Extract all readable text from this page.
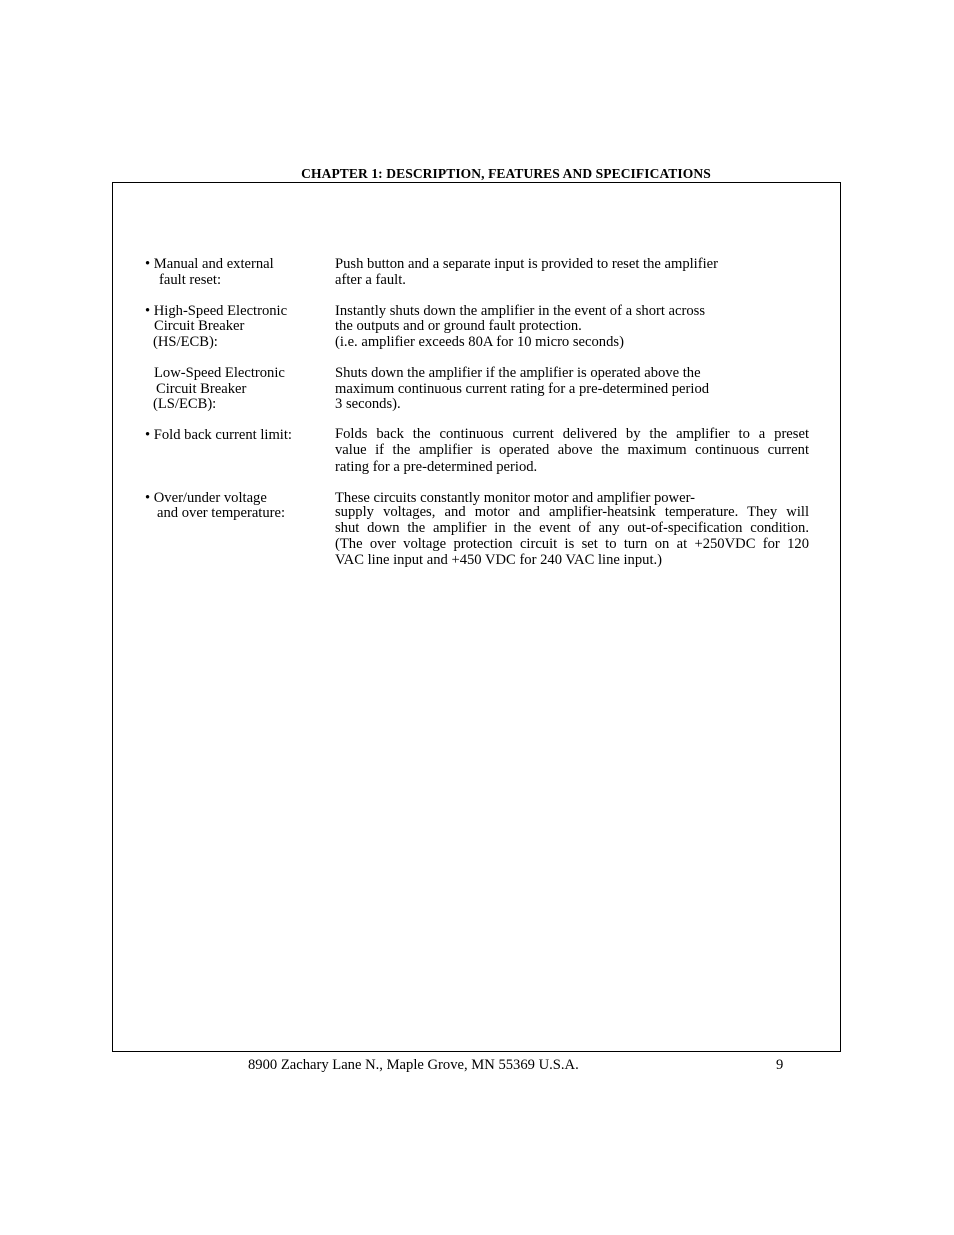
CHAPTER 1: DESCRIPTION, FEATURES AND SPECIFICATIONS
• Manual and external
fault reset:
Push button and a separate input is provided to reset the amplifier
after a fault.
• High-Speed Electronic
Circuit Breaker
(HS/ECB):
Instantly shuts down the amplifier in the event of a short across
the outputs and or ground fault protection.
(i.e. amplifier exceeds 80A for 10 micro seconds)
Low-Speed Electronic
Circuit Breaker
(LS/ECB):
Shuts down the amplifier if the amplifier is operated above the
maximum continuous current rating for a pre-determined period
3 seconds).
• Fold back current limit:	Folds back the continuous current delivered by the amplifier to a preset
value if the amplifier is operated above the maximum continuous current
rating for a pre-determined period.
• Over/under voltage
and over temperature:
These circuits constantly monitor motor and amplifier power-
supply voltages, and motor and amplifier-heatsink temperature. They will
shut down the amplifier in the event of any out-of-specification condition.
(The over voltage protection circuit is set to turn on at +250VDC for 120
VAC line input and +450 VDC for 240 VAC line input.)
8900 Zachary Lane N., Maple Grove, MN 55369 U.S.A.	9
